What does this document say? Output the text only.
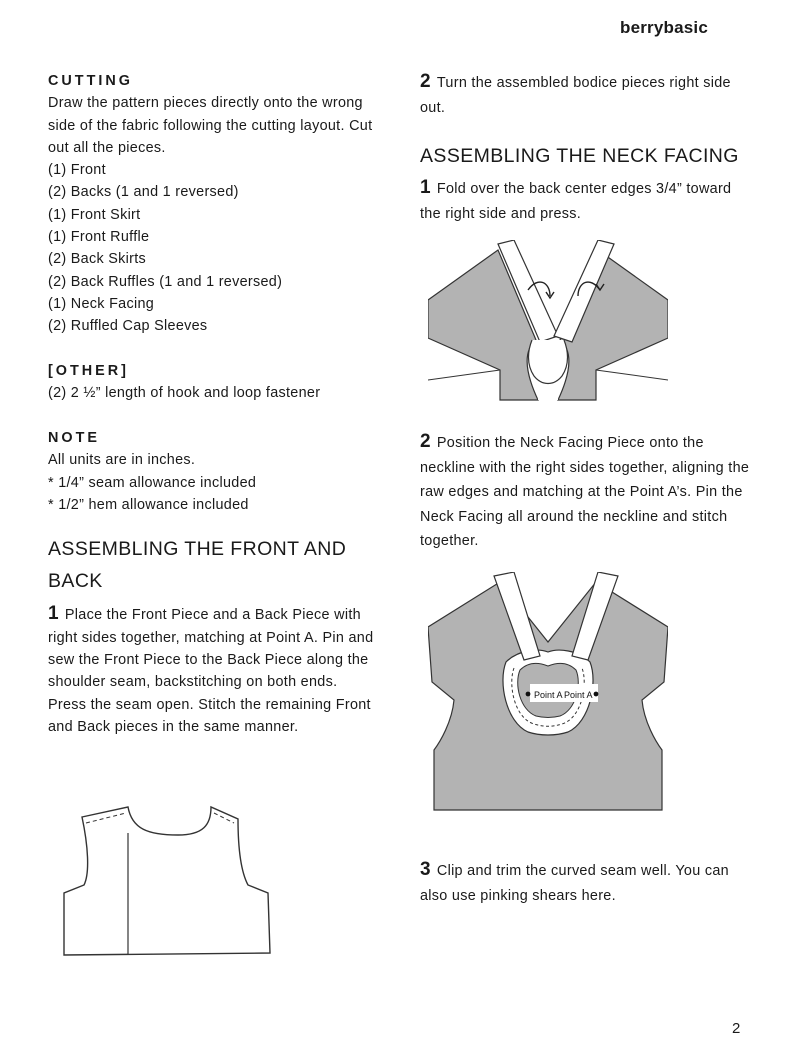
berrybasic

CUTTING

Draw the pattern pieces directly onto the wrong side of the fabric following the cutting layout. Cut out all the pieces.

(1) Front

(2) Backs (1 and 1 reversed)

(1) Front Skirt

(1) Front Ruffle

(2) Back Skirts

(2) Back Ruffles (1 and 1 reversed)

(1) Neck Facing

(2) Ruffled Cap Sleeves

[OTHER]

(2) 2 ½” length of hook and loop fastener

NOTE

All units are in inches.

* 1/4” seam allowance included

* 1/2” hem allowance included

ASSEMBLING THE FRONT AND BACK

1 Place the Front Piece and a Back Piece with right sides together, matching at Point A. Pin and sew the Front Piece to the Back Piece along the shoulder seam, backstitching on both ends. Press the seam open. Stitch the remaining Front and Back pieces in the same manner.

2 Turn the assembled bodice pieces right side out.

ASSEMBLING THE NECK FACING

1 Fold over the back center edges 3/4” toward the right side and press.

2 Position the Neck Facing Piece onto the neckline with the right sides together, aligning the raw edges and matching at the Point A’s. Pin the Neck Facing all around the neckline and stitch together.

Point A Point A

3 Clip and trim the curved seam well. You can also use pinking shears here.

2
